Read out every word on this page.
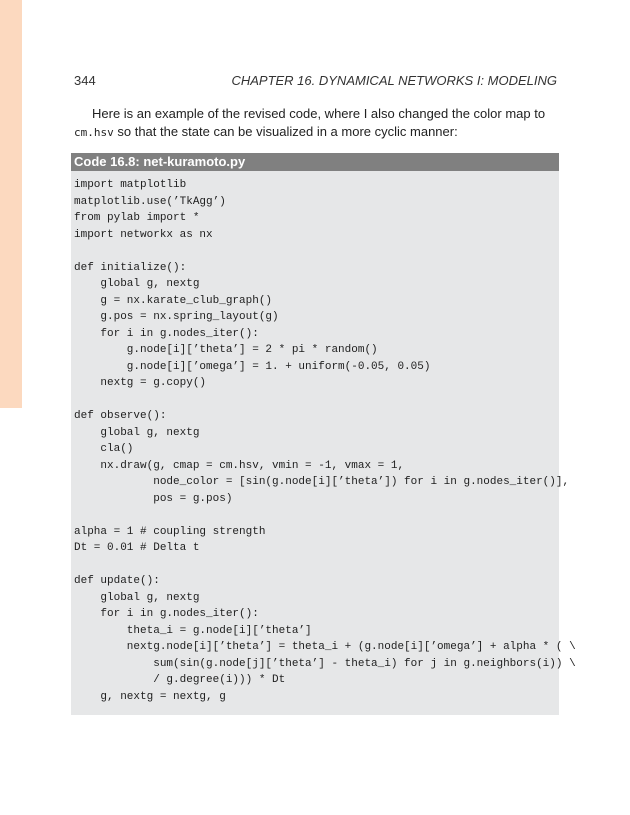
344	CHAPTER 16. DYNAMICAL NETWORKS I: MODELING

Here is an example of the revised code, where I also changed the color map to cm.hsv so that the state can be visualized in a more cyclic manner:

Code 16.8: net-kuramoto.py
import matplotlib
matplotlib.use(’TkAgg’)
from pylab import *
import networkx as nx

def initialize():
global g, nextg
g = nx.karate_club_graph()
g.pos = nx.spring_layout(g)
for i in g.nodes_iter():
g.node[i][’theta’] = 2 * pi * random()
g.node[i][’omega’] = 1. + uniform(-0.05, 0.05)
nextg = g.copy()

def observe():
global g, nextg
cla()
nx.draw(g, cmap = cm.hsv, vmin = -1, vmax = 1,
node_color = [sin(g.node[i][’theta’]) for i in g.nodes_iter()],
pos = g.pos)

alpha = 1 # coupling strength
Dt = 0.01 # Delta t

def update():
global g, nextg
for i in g.nodes_iter():
theta_i = g.node[i][’theta’]
nextg.node[i][’theta’] = theta_i + (g.node[i][’omega’] + alpha * ( \
sum(sin(g.node[j][’theta’] - theta_i) for j in g.neighbors(i)) \
/ g.degree(i))) * Dt
g, nextg = nextg, g
